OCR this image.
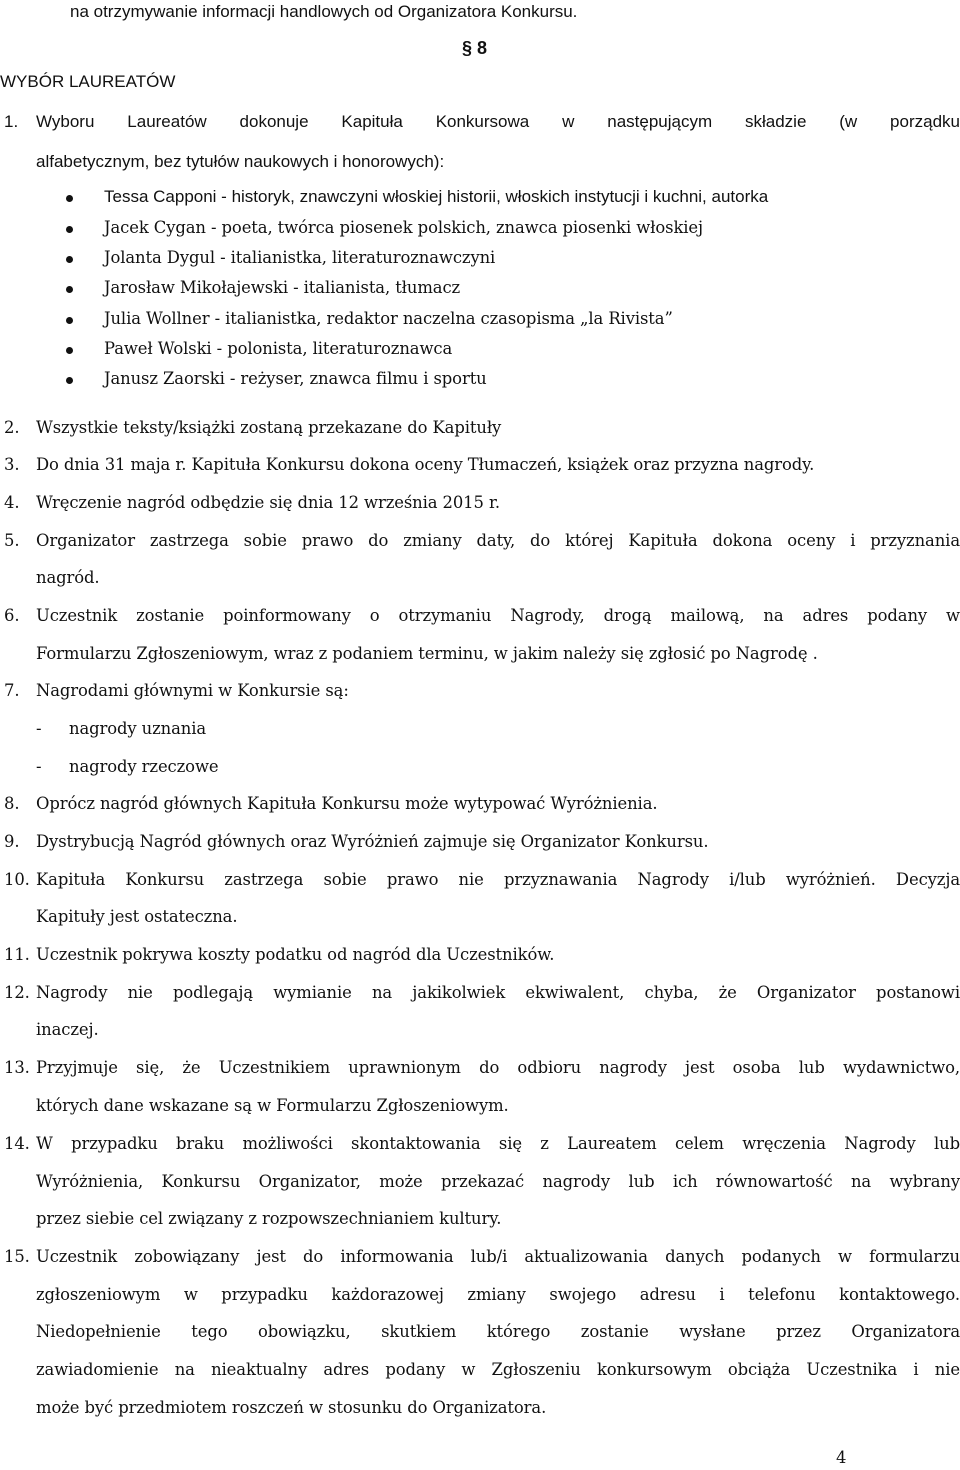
na otrzymywanie informacji handlowych od Organizatora Konkursu.
§ 8
WYBÓR LAUREATÓW
1. Wyboru Laureatów dokonuje Kapituła Konkursowa w następującym składzie (w porządku
alfabetycznym, bez tytułów naukowych i honorowych):
Tessa Capponi - historyk, znawczyni włoskiej historii, włoskich instytucji i kuchni, autorka
Jacek Cygan - poeta, twórca piosenek polskich, znawca piosenki włoskiej
Jolanta Dygul - italianistka, literaturoznawczyni
Jarosław Mikołajewski - italianista, tłumacz
Julia Wollner - italianistka, redaktor naczelna czasopisma „la Rivista”
Paweł Wolski - polonista, literaturoznawca
Janusz Zaorski - reżyser, znawca filmu i sportu
2.	Wszystkie teksty/książki zostaną przekazane do Kapituły
3.	Do dnia 31 maja r. Kapituła Konkursu dokona oceny Tłumaczeń, książek oraz przyzna nagrody.
4.	Wręczenie nagród odbędzie się dnia 12 września 2015 r.
5.	Organizator zastrzega sobie prawo do zmiany daty, do której Kapituła dokona oceny i przyznania
nagród.
6.	Uczestnik zostanie poinformowany o otrzymaniu Nagrody, drogą mailową, na adres podany w
Formularzu Zgłoszeniowym, wraz z podaniem terminu, w jakim należy się zgłosić po Nagrodę .
7.	Nagrodami głównymi w Konkursie są:
- nagrody uznania
- nagrody rzeczowe
8.	Oprócz nagród głównych Kapituła Konkursu może wytypować Wyróżnienia.
9.	Dystrybucją Nagród głównych oraz Wyróżnień zajmuje się Organizator Konkursu.
10. Kapituła Konkursu zastrzega sobie prawo nie przyznawania Nagrody i/lub wyróżnień. Decyzja
Kapituły jest ostateczna.
11. Uczestnik pokrywa koszty podatku od nagród dla Uczestników.
12. Nagrody nie podlegają wymianie na jakikolwiek ekwiwalent, chyba, że Organizator postanowi
inaczej.
13. Przyjmuje się, że Uczestnikiem uprawnionym do odbioru nagrody jest osoba lub wydawnictwo,
których dane wskazane są w Formularzu Zgłoszeniowym.
14. W przypadku braku możliwości skontaktowania się z Laureatem celem wręczenia Nagrody lub
Wyróżnienia, Konkursu Organizator, może przekazać nagrody lub ich równowartość na wybrany
przez siebie cel związany z rozpowszechnianiem kultury.
15. Uczestnik zobowiązany jest do informowania lub/i aktualizowania danych podanych w formularzu
zgłoszeniowym w przypadku każdorazowej zmiany swojego adresu i telefonu kontaktowego.
Niedopełnienie tego obowiązku, skutkiem którego zostanie wysłane przez Organizatora
zawiadomienie na nieaktualny adres podany w Zgłoszeniu konkursowym obciąża Uczestnika i nie
może być przedmiotem roszczeń w stosunku do Organizatora.
4
